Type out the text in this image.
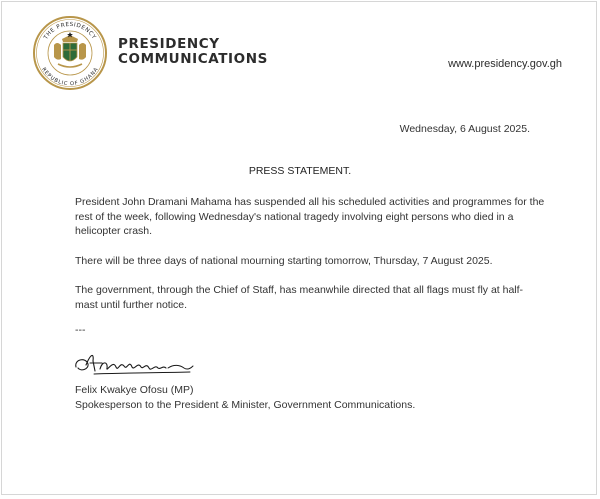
THE PRESIDENCY
REPUBLIC OF GHANA
PRESIDENCY
COMMUNICATIONS	www.presidency.gov.gh
Wednesday, 6 August 2025.
PRESS STATEMENT.

President John Dramani Mahama has suspended all his scheduled activities and programmes for the rest of the week, following Wednesday's national tragedy involving eight persons who died in a helicopter crash.

There will be three days of national mourning starting tomorrow, Thursday, 7 August 2025.

The government, through the Chief of Staff, has meanwhile directed that all flags must fly at half-mast until further notice.

---
Felix Kwakye Ofosu (MP)
Spokesperson to the President & Minister, Government Communications.
